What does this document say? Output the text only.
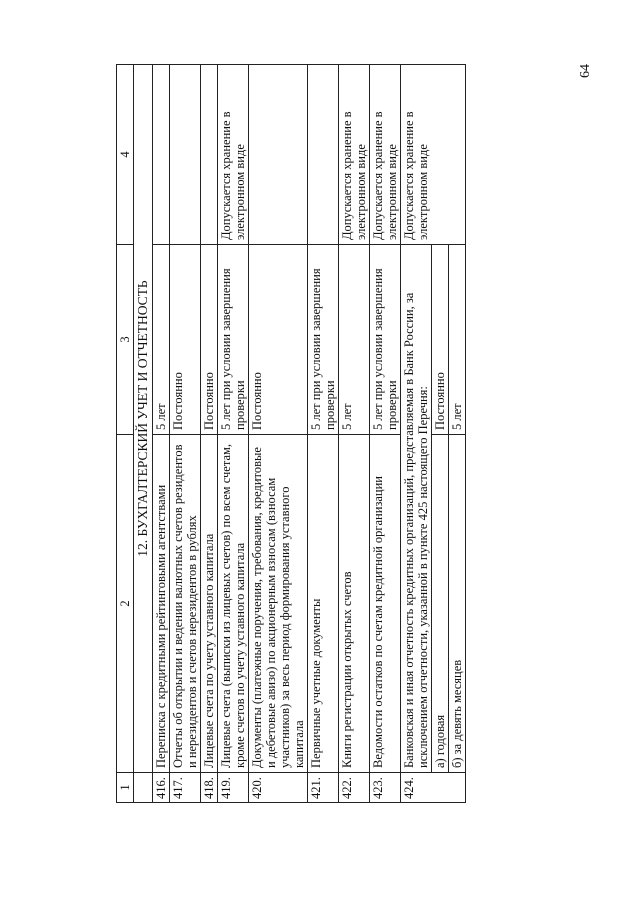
64
1	2	3	4
	12. БУХГАЛТЕРСКИЙ УЧЕТ И ОТЧЕТНОСТЬ		
416.	Переписка с кредитными рейтинговыми агентствами	5 лет	
417.	Отчеты об открытии и ведении валютных счетов резидентов и нерезидентов и счетов нерезидентов в рублях	Постоянно	
418.	Лицевые счета по учету уставного капитала	Постоянно	
419.	Лицевые счета (выписки из лицевых счетов) по всем счетам, кроме счетов по учету уставного капитала	5 лет при условии завершения проверки	Допускается хранение в электронном виде
420.	Документы (платежные поручения, требования, кредитовые и дебетовые авизо) по акционерным взносам (взносам участников) за весь период формирования уставного капитала	Постоянно	
421.	Первичные учетные документы	5 лет при условии завершения проверки	
422.	Книги регистрации открытых счетов	5 лет	Допускается хранение в электронном виде
423.	Ведомости остатков по счетам кредитной организации	5 лет при условии завершения проверки	Допускается хранение в электронном виде
424.	Банковская и иная отчетность кредитных организаций, представляемая в Банк России, за исключением отчетности, указанной в пункте 425 настоящего Перечня:		Допускается хранение в электронном виде
	а) годовая	Постоянно	
	б) за девять месяцев	5 лет	
